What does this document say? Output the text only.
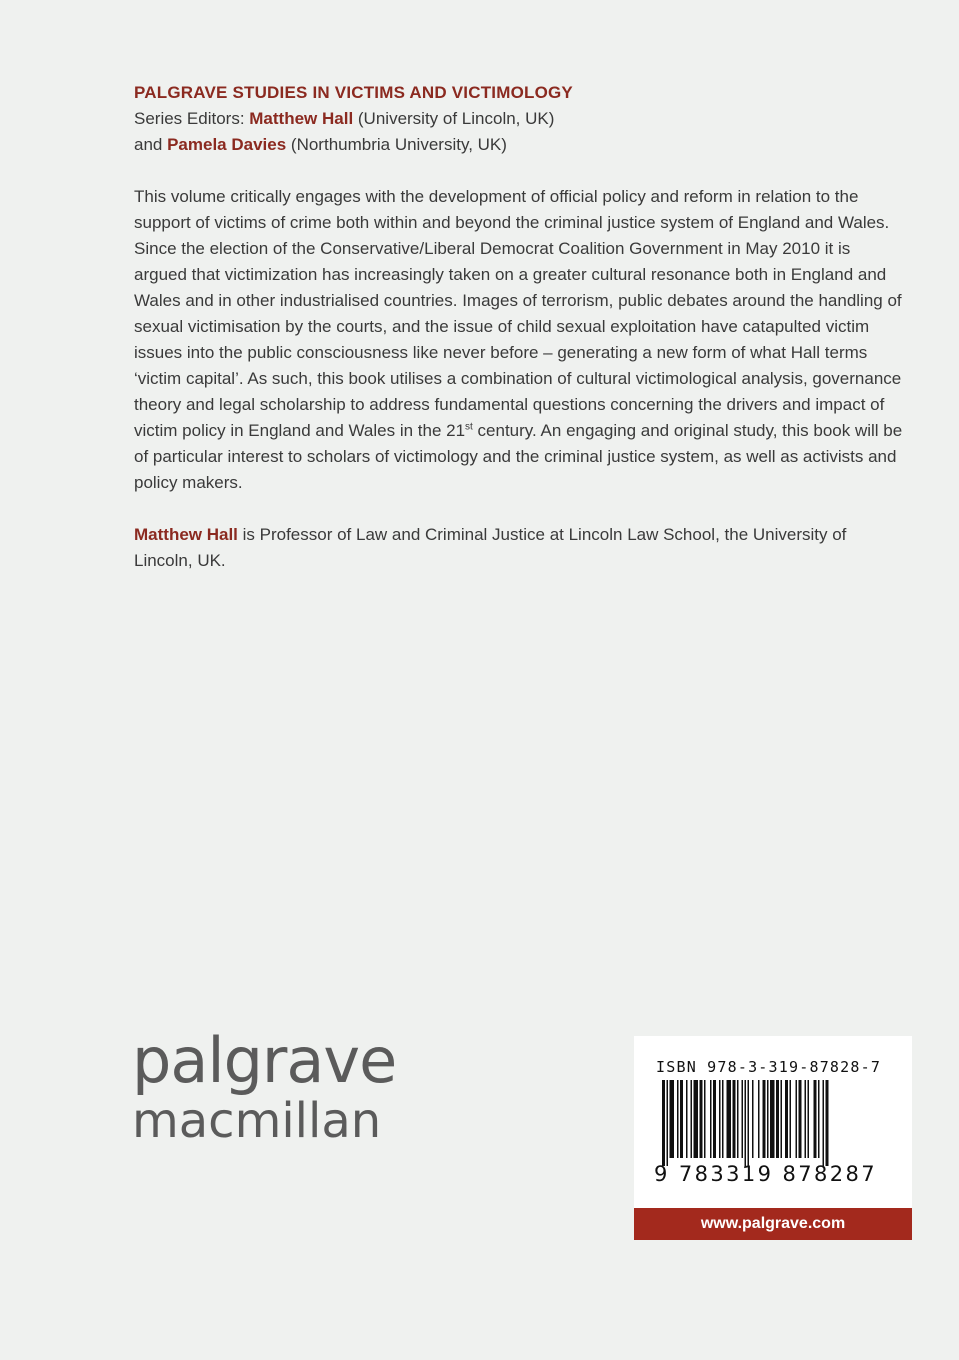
PALGRAVE STUDIES IN VICTIMS AND VICTIMOLOGY

Series Editors: Matthew Hall (University of Lincoln, UK)

and Pamela Davies (Northumbria University, UK)

This volume critically engages with the development of official policy and reform in relation to the support of victims of crime both within and beyond the criminal justice system of England and Wales. Since the election of the Conservative/Liberal Democrat Coalition Government in May 2010 it is argued that victimization has increasingly taken on a greater cultural resonance both in England and Wales and in other industrialised countries. Images of terrorism, public debates around the handling of sexual victimisation by the courts, and the issue of child sexual exploitation have catapulted victim issues into the public consciousness like never before – generating a new form of what Hall terms ‘victim capital’. As such, this book utilises a combination of cultural victimological analysis, governance theory and legal scholarship to address fundamental questions concerning the drivers and impact of victim policy in England and Wales in the 21st century. An engaging and original study, this book will be of particular interest to scholars of victimology and the criminal justice system, as well as activists and policy makers.

Matthew Hall is Professor of Law and Criminal Justice at Lincoln Law School, the University of Lincoln, UK.

palgrave
macmillan
ISBN 978-3-319-87828-7
9 783319 878287
www.palgrave.com
